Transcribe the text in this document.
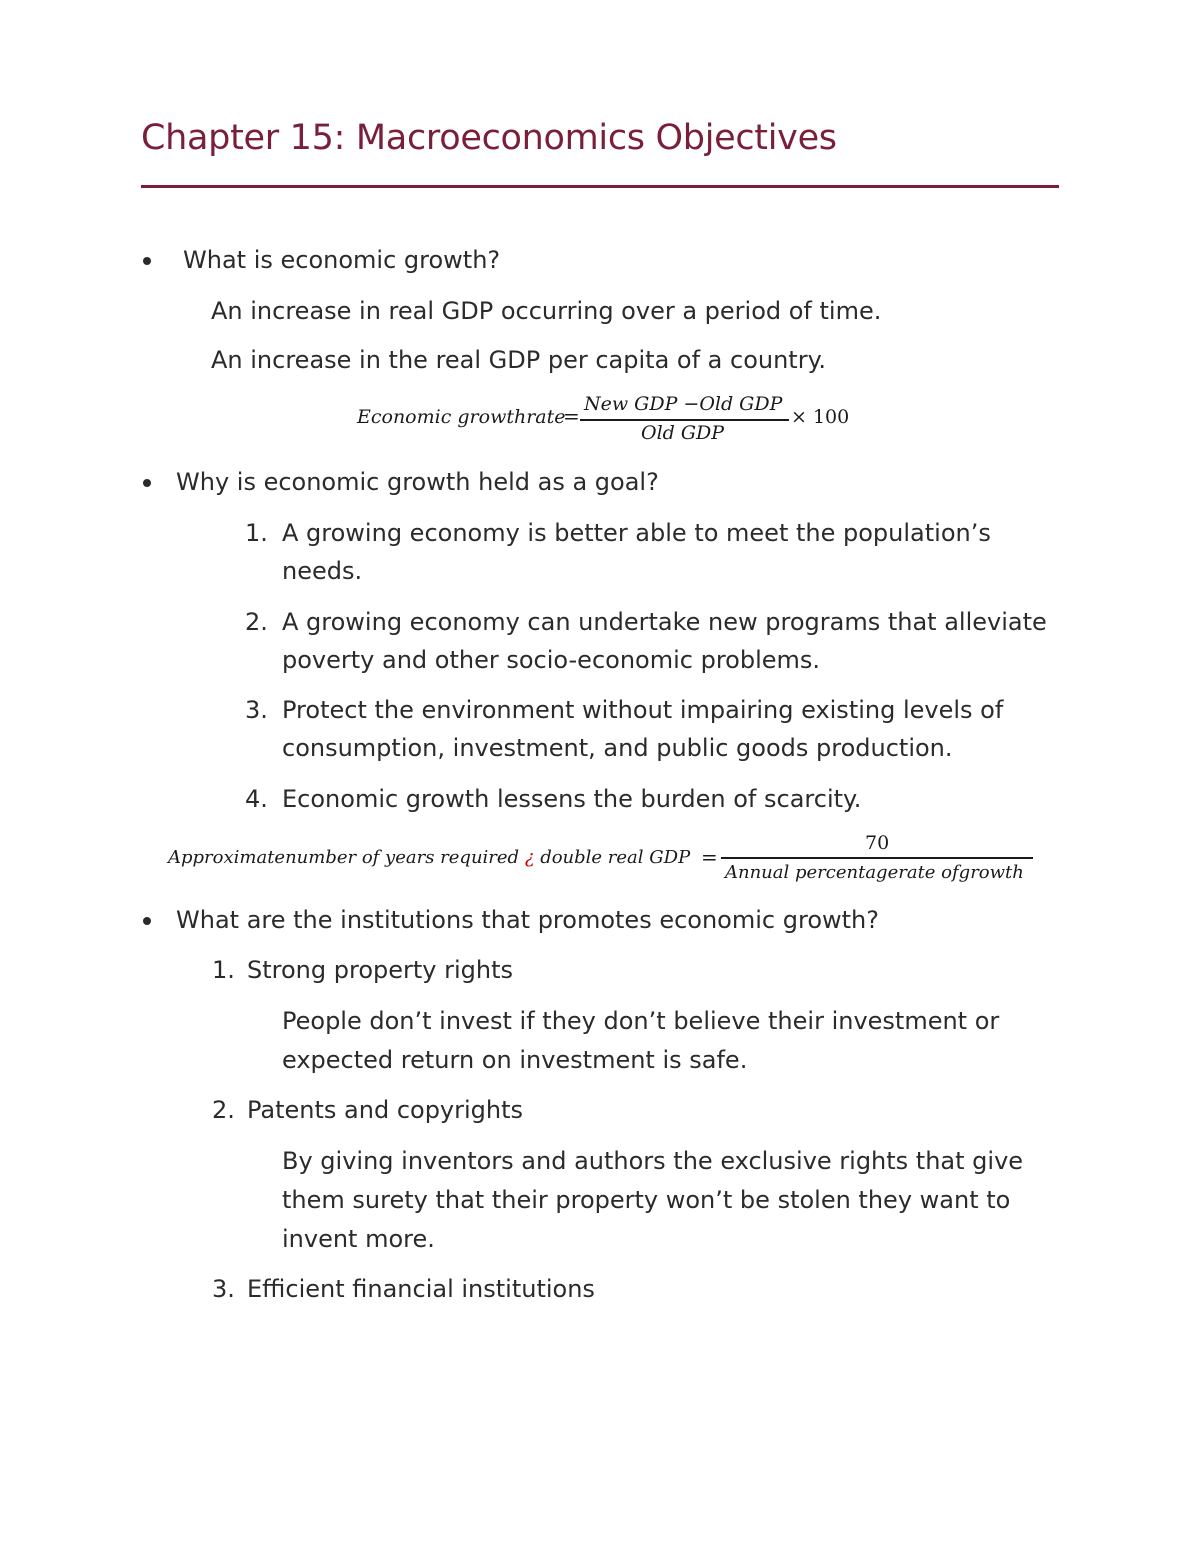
Chapter 15: Macroeconomics Objectives
What is economic growth?
An increase in real GDP occurring over a period of time.
An increase in the real GDP per capita of a country.
Economic growthrate
= New GDP −Old GDP
Old GDP
× 100
Why is economic growth held as a goal?
1. A growing economy is better able to meet the population’s
needs.
2. A growing economy can undertake new programs that alleviate
poverty and other socio-economic problems.
3. Protect the environment without impairing existing levels of
consumption, investment, and public goods production.
4. Economic growth lessens the burden of scarcity.
Approximatenumber of years required ¿ double real GDP =
70
Annual percentagerate ofgrowth
What are the institutions that promotes economic growth?
1. Strong property rights
People don’t invest if they don’t believe their investment or
expected return on investment is safe.
2. Patents and copyrights
By giving inventors and authors the exclusive rights that give
them surety that their property won’t be stolen they want to
invent more.
3. Efficient financial institutions
